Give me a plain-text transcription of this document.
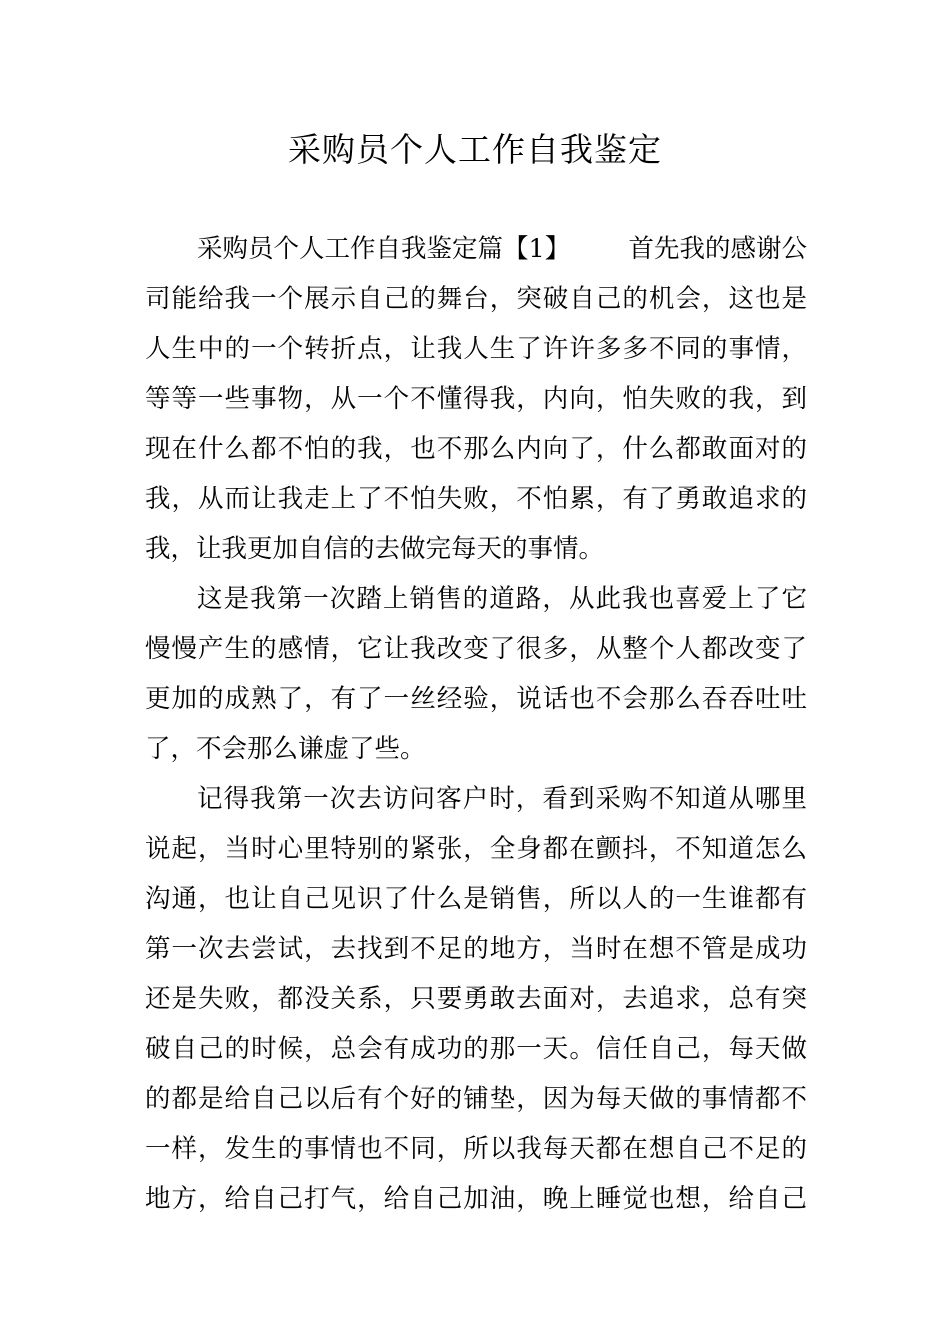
采购员个人工作自我鉴定
采购员个人工作自我鉴定篇【1】 首先我的感谢公
司能给我一个展示自己的舞台，突破自己的机会，这也是
人生中的一个转折点，让我人生了许许多多不同的事情，
等等一些事物，从一个不懂得我，内向，怕失败的我，到
现在什么都不怕的我，也不那么内向了，什么都敢面对的
我，从而让我走上了不怕失败，不怕累，有了勇敢追求的
我，让我更加自信的去做完每天的事情。
这是我第一次踏上销售的道路，从此我也喜爱上了它
慢慢产生的感情，它让我改变了很多，从整个人都改变了
更加的成熟了，有了一丝经验，说话也不会那么吞吞吐吐
了，不会那么谦虚了些。
记得我第一次去访问客户时，看到采购不知道从哪里
说起，当时心里特别的紧张，全身都在颤抖，不知道怎么
沟通，也让自己见识了什么是销售，所以人的一生谁都有
第一次去尝试，去找到不足的地方，当时在想不管是成功
还是失败，都没关系，只要勇敢去面对，去追求，总有突
破自己的时候，总会有成功的那一天。信任自己，每天做
的都是给自己以后有个好的铺垫，因为每天做的事情都不
一样，发生的事情也不同，所以我每天都在想自己不足的
地方，给自己打气，给自己加油，晚上睡觉也想，给自己
